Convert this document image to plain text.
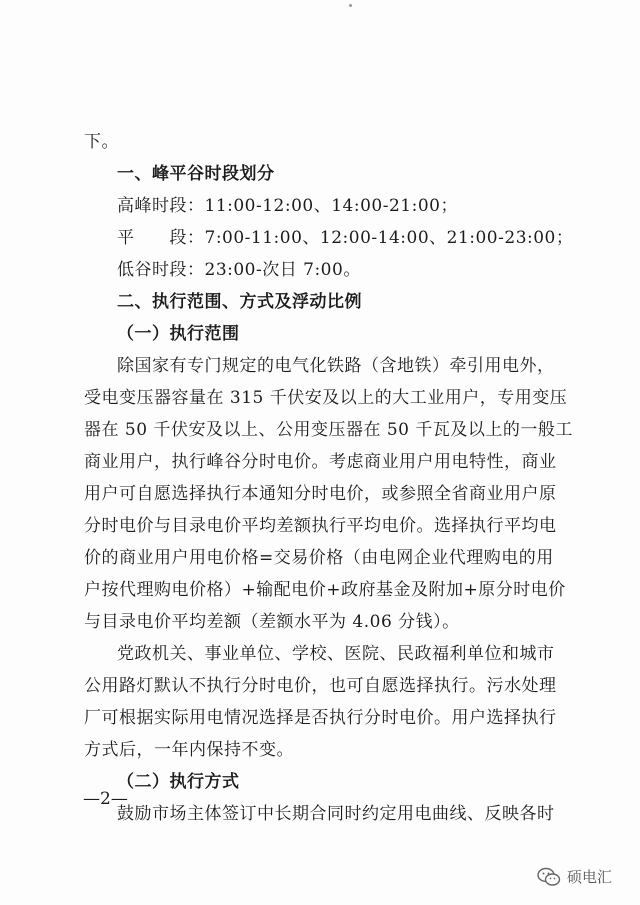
下。
一、峰平谷时段划分
高峰时段：11:00-12:00、14:00-21:00；
平　　段：7:00-11:00、12:00-14:00、21:00-23:00；
低谷时段：23:00-次日 7:00。
二、执行范围、方式及浮动比例
（一）执行范围
除国家有专门规定的电气化铁路（含地铁）牵引用电外，
受电变压器容量在 315 千伏安及以上的大工业用户，专用变压
器在 50 千伏安及以上、公用变压器在 50 千瓦及以上的一般工
商业用户，执行峰谷分时电价。考虑商业用户用电特性，商业
用户可自愿选择执行本通知分时电价，或参照全省商业用户原
分时电价与目录电价平均差额执行平均电价。选择执行平均电
价的商业用户用电价格=交易价格（由电网企业代理购电的用
户按代理购电价格）+输配电价+政府基金及附加+原分时电价
与目录电价平均差额（差额水平为 4.06 分钱）。
党政机关、事业单位、学校、医院、民政福利单位和城市
公用路灯默认不执行分时电价，也可自愿选择执行。污水处理
厂可根据实际用电情况选择是否执行分时电价。用户选择执行
方式后，一年内保持不变。
（二）执行方式
鼓励市场主体签订中长期合同时约定用电曲线、反映各时
—2—
硕电汇
